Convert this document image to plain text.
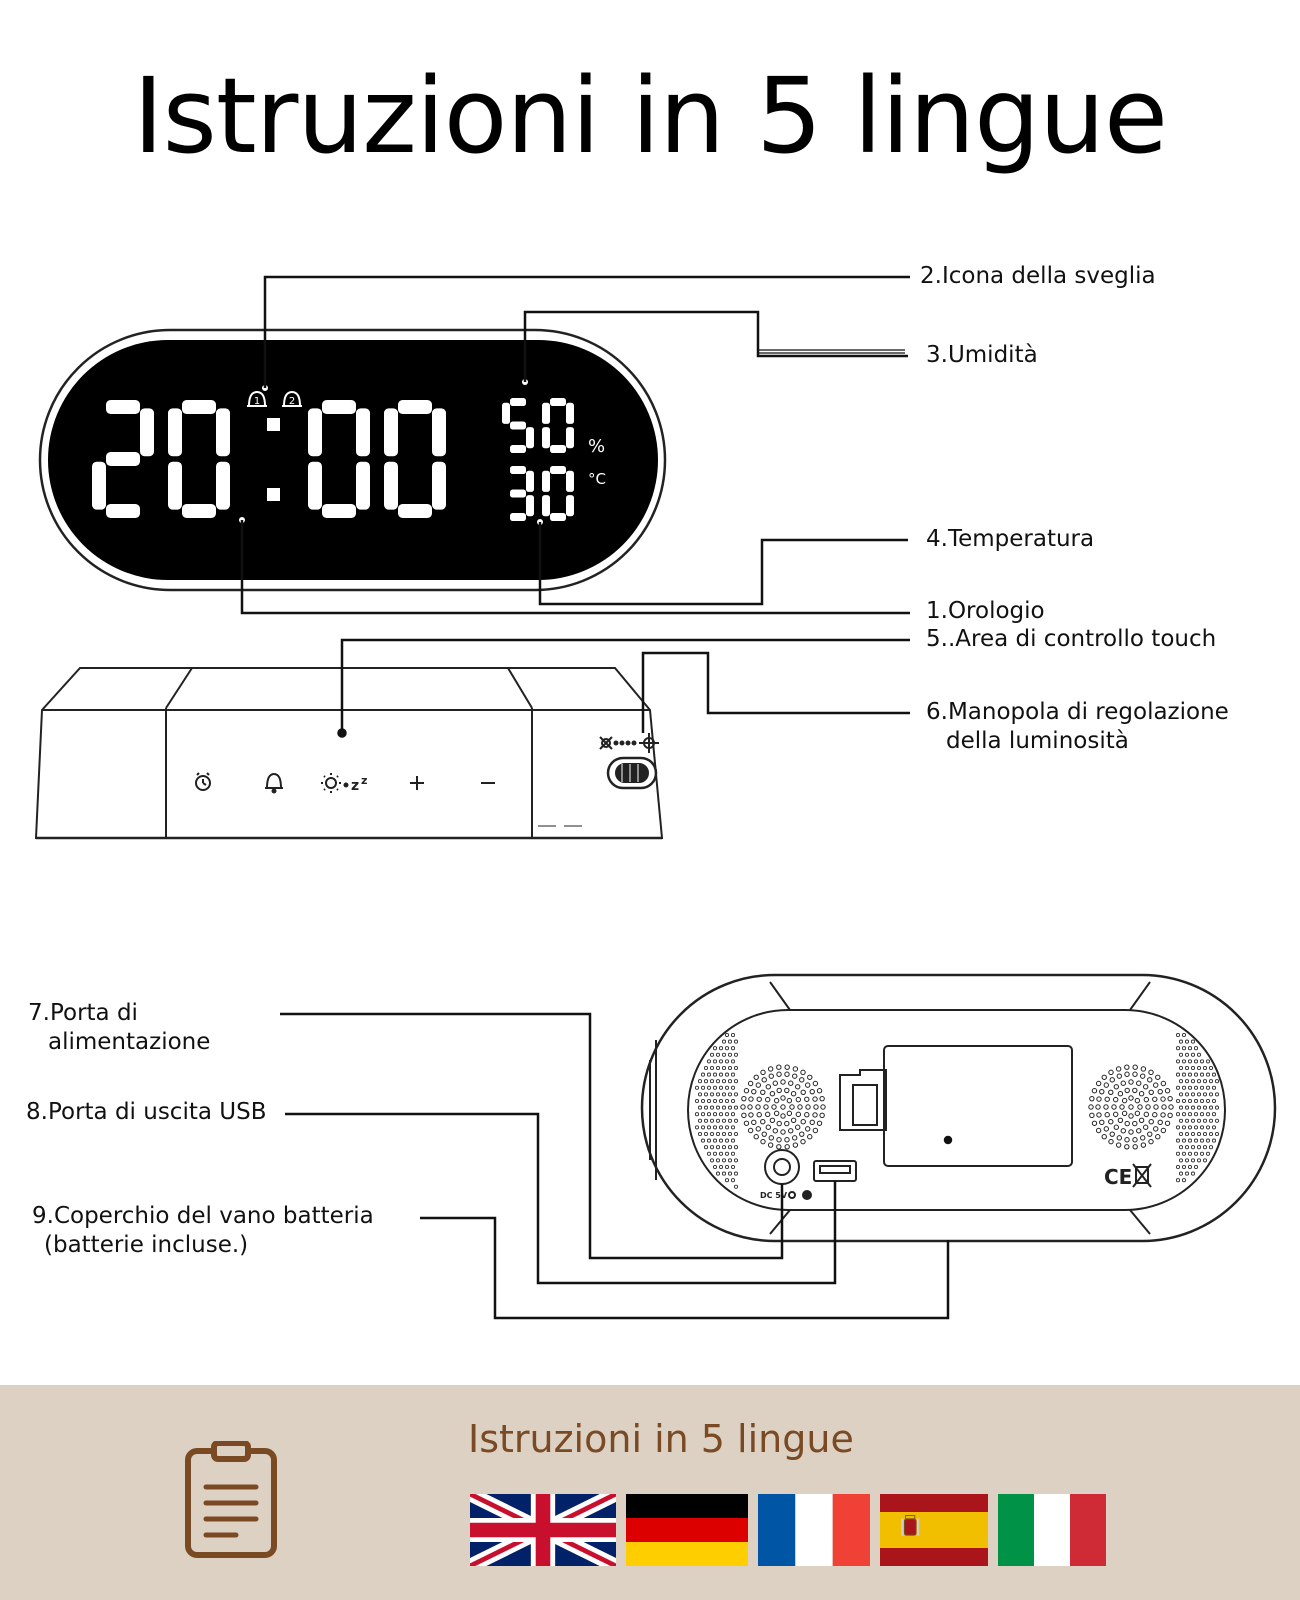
Istruzioni in 5 lingue
%
°C
1	2
z z
DC 5V
CE
2.Icona della sveglia
3.Umidità
4.Temperatura
1.Orologio
5..Area di controllo touch
6.Manopola di regolazione
della luminosità
7.Porta di
alimentazione
8.Porta di uscita USB
9.Coperchio del vano batteria
(batterie incluse.)
Istruzioni in 5 lingue
